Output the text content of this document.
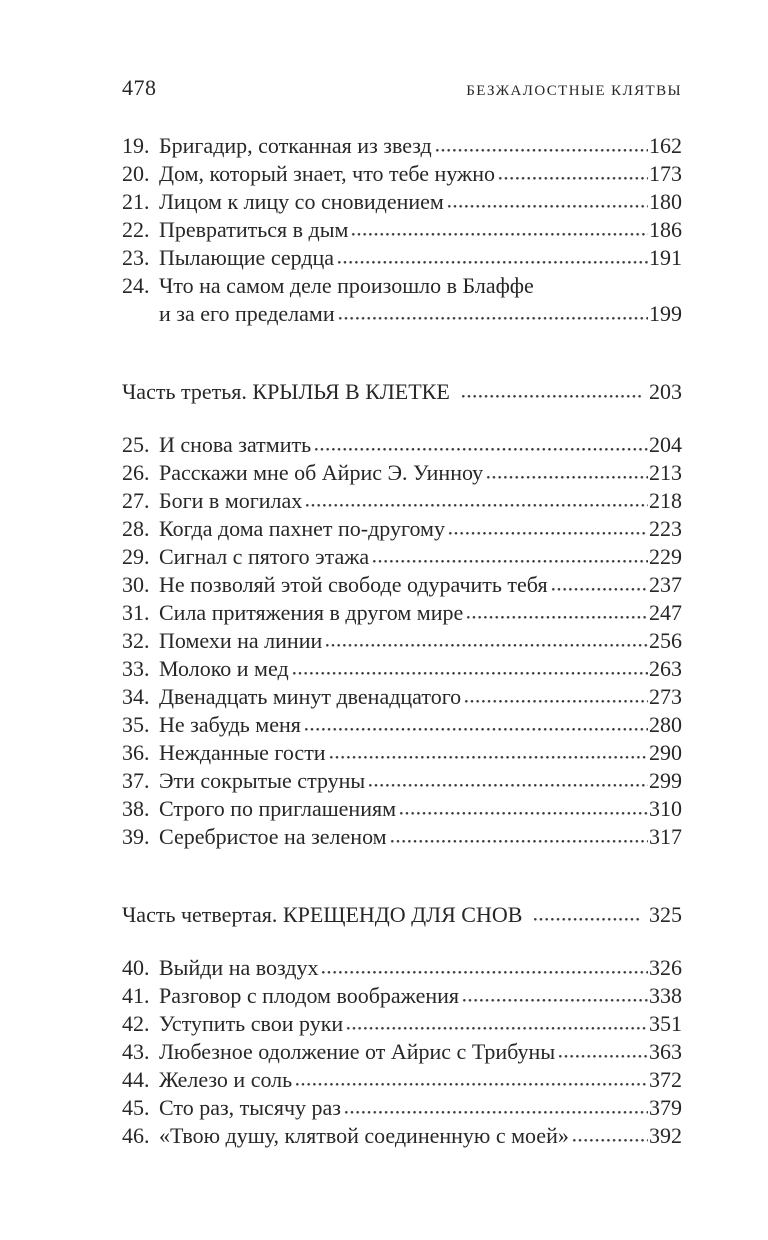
478	БЕЗЖАЛОСТНЫЕ КЛЯТВЫ
19. Бригадир, сотканная из звезд	162
20. Дом, который знает, что тебе нужно	173
21. Лицом к лицу со сновидением	180
22. Превратиться в дым	186
23. Пылающие сердца	191
24. Что на самом деле произошло в Блаффе
и за его пределами	199
Часть третья. КРЫЛЬЯ В КЛЕТКЕ	203
25. И снова затмить	204
26. Расскажи мне об Айрис Э. Уинноу	213
27. Боги в могилах	218
28. Когда дома пахнет по-другому	223
29. Сигнал с пятого этажа	229
30. Не позволяй этой свободе одурачить тебя	237
31. Сила притяжения в другом мире	247
32. Помехи на линии	256
33. Молоко и мед	263
34. Двенадцать минут двенадцатого	273
35. Не забудь меня	280
36. Нежданные гости	290
37. Эти сокрытые струны	299
38. Строго по приглашениям	310
39. Серебристое на зеленом	317
Часть четвертая. КРЕЩЕНДО ДЛЯ СНОВ	325
40. Выйди на воздух	326
41. Разговор с плодом воображения	338
42. Уступить свои руки	351
43. Любезное одолжение от Айрис с Трибуны	363
44. Железо и соль	372
45. Сто раз, тысячу раз	379
46. «Твою душу, клятвой соединенную с моей»	392
